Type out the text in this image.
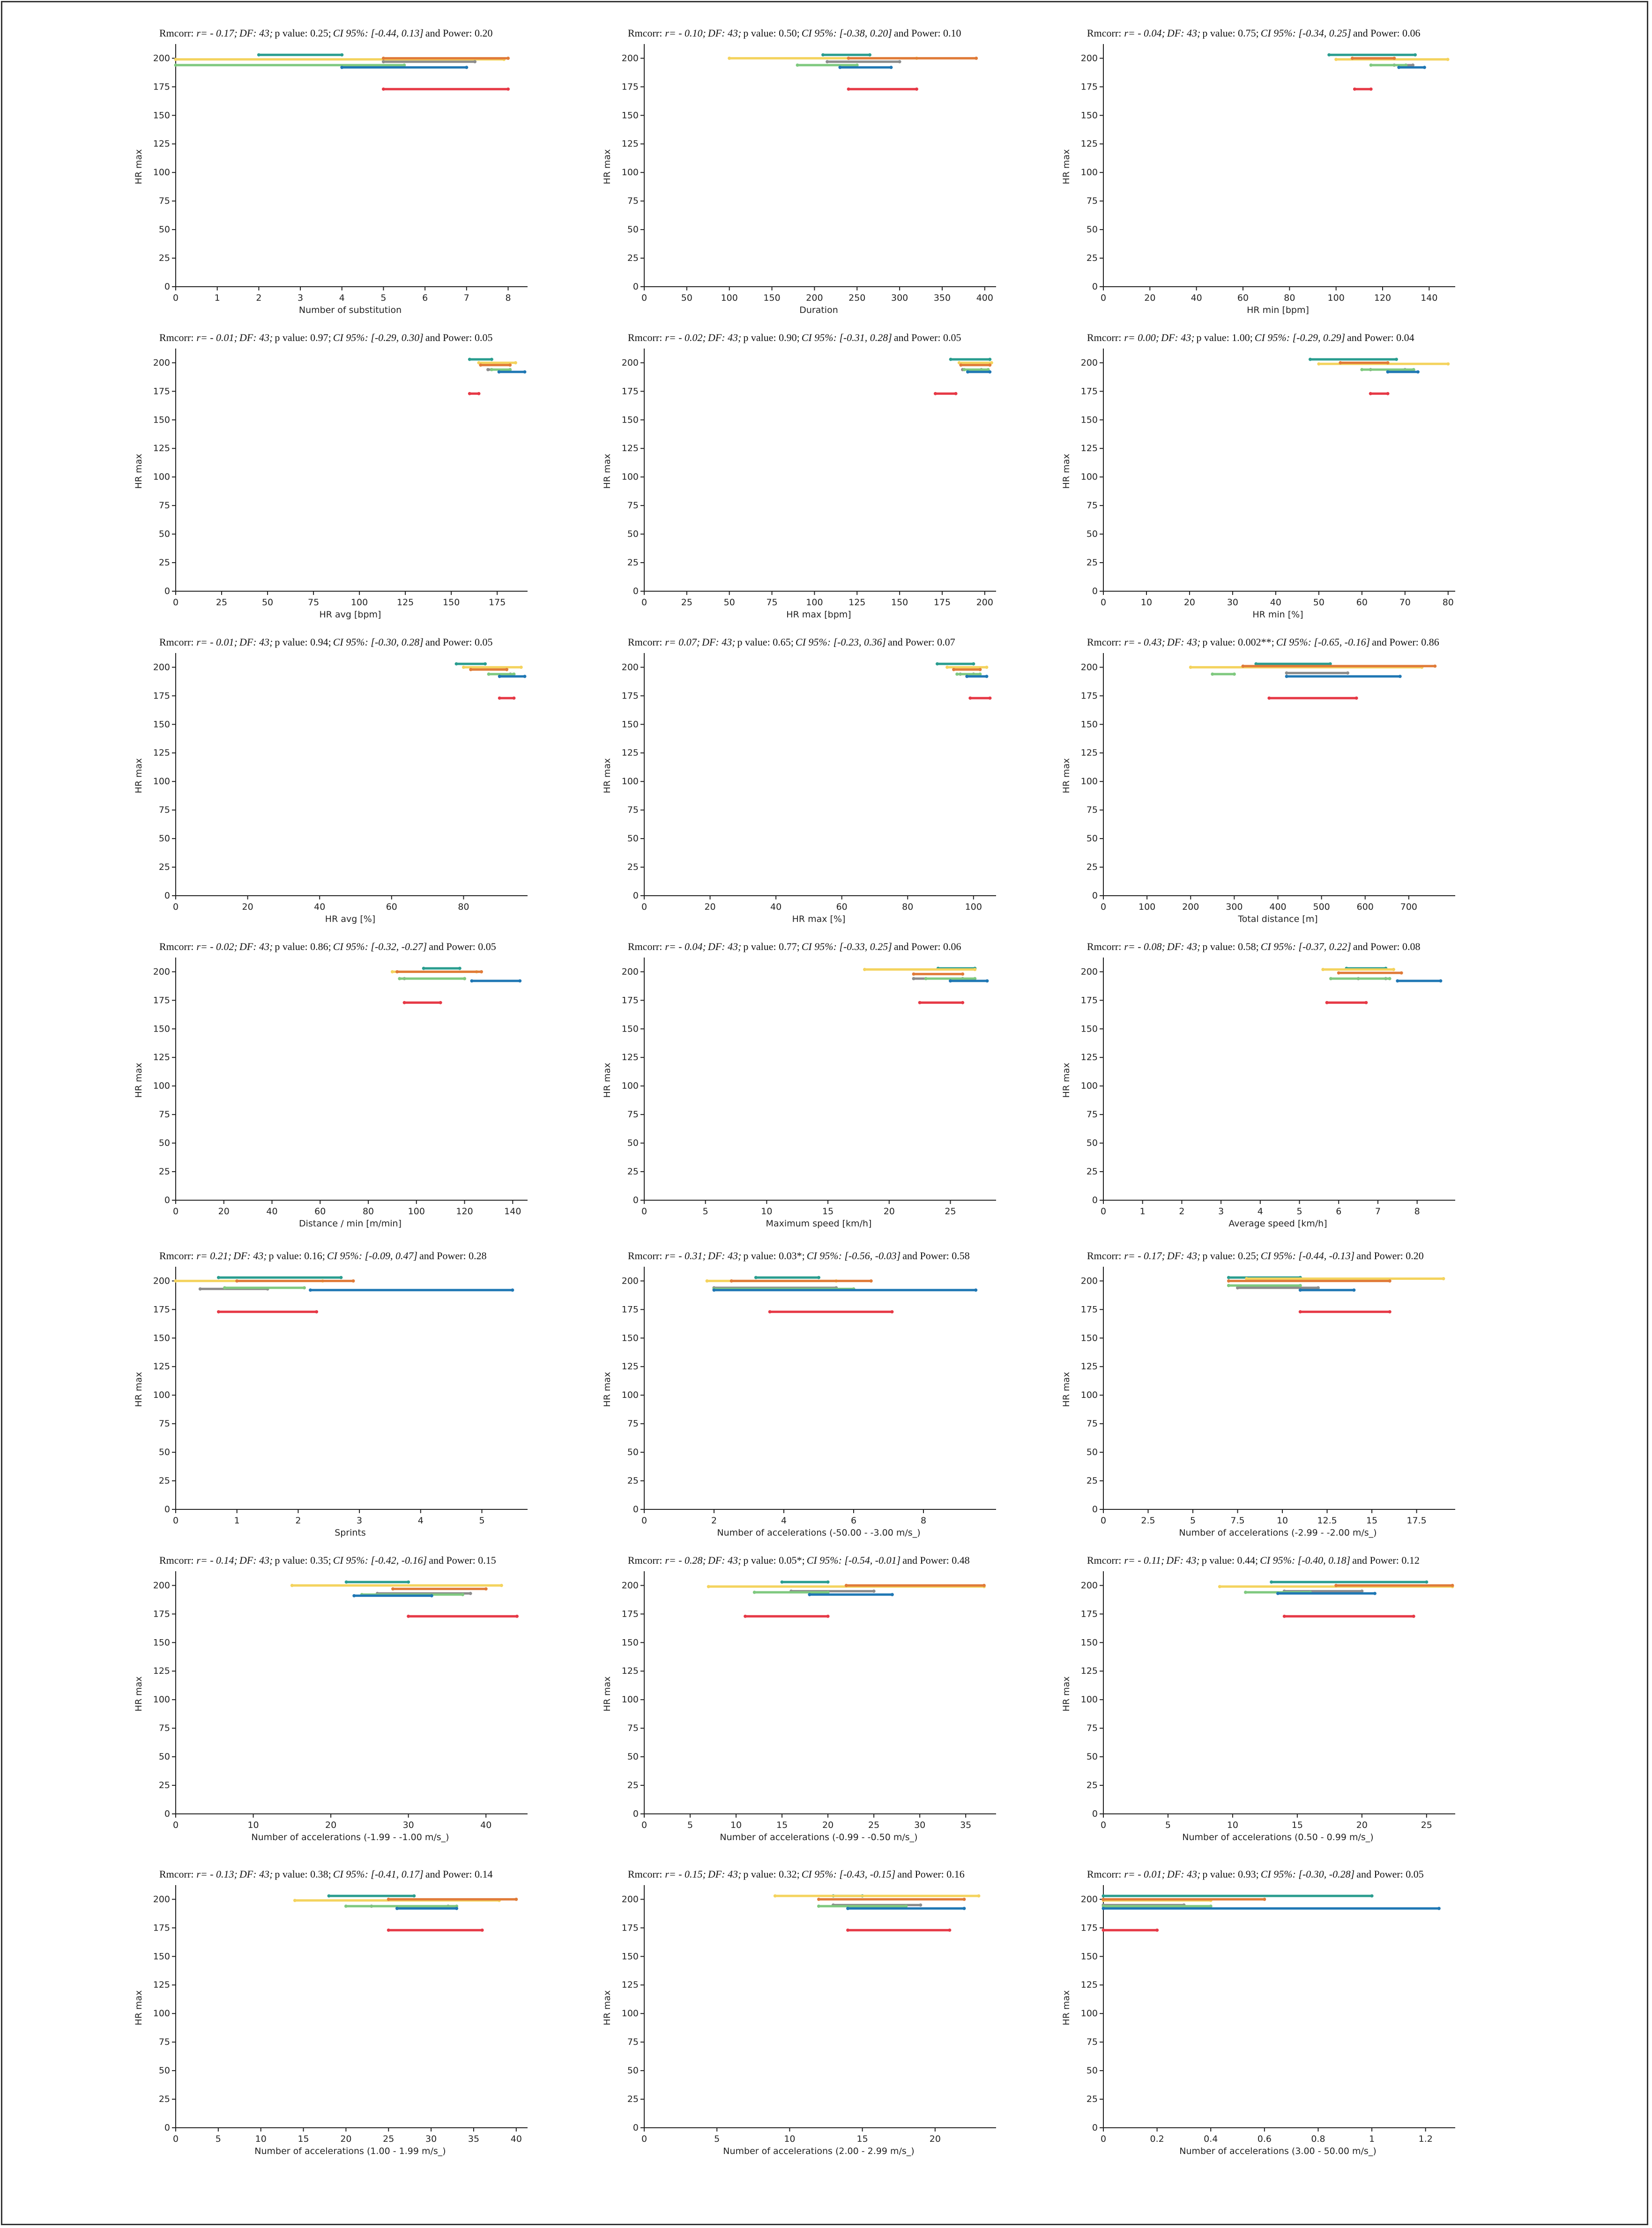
Rmcorr: r= - 0.17; DF: 43; p value: 0.25; CI 95%: [-0.44, 0.13] and Power: 0.20
0
25
50
75
100
125
150
175
200
0	1	2	3	4	5	6	7	8
Number of substitution
HR max
Rmcorr: r= - 0.10; DF: 43; p value: 0.50; CI 95%: [-0.38, 0.20] and Power: 0.10
0
25
50
75
100
125
150
175
200
0	50	100	150	200	250	300	350	400
Duration
HR max
Rmcorr: r= - 0.04; DF: 43; p value: 0.75; CI 95%: [-0.34, 0.25] and Power: 0.06
0
25
50
75
100
125
150
175
200
0	20	40	60	80	100	120	140
HR min [bpm]
HR max
Rmcorr: r= - 0.01; DF: 43; p value: 0.97; CI 95%: [-0.29, 0.30] and Power: 0.05
0
25
50
75
100
125
150
175
200
0	25	50	75	100	125	150	175
HR avg [bpm]
HR max
Rmcorr: r= - 0.02; DF: 43; p value: 0.90; CI 95%: [-0.31, 0.28] and Power: 0.05
0
25
50
75
100
125
150
175
200
0	25	50	75	100	125	150	175	200
HR max [bpm]
HR max
Rmcorr: r= 0.00; DF: 43; p value: 1.00; CI 95%: [-0.29, 0.29] and Power: 0.04
0
25
50
75
100
125
150
175
200
0	10	20	30	40	50	60	70	80
HR min [%]
HR max
Rmcorr: r= - 0.01; DF: 43; p value: 0.94; CI 95%: [-0.30, 0.28] and Power: 0.05
0
25
50
75
100
125
150
175
200
0	20	40	60	80
HR avg [%]
HR max
Rmcorr: r= 0.07; DF: 43; p value: 0.65; CI 95%: [-0.23, 0.36] and Power: 0.07
0
25
50
75
100
125
150
175
200
0	20	40	60	80	100
HR max [%]
HR max
Rmcorr: r= - 0.43; DF: 43; p value: 0.002**; CI 95%: [-0.65, -0.16] and Power: 0.86
0
25
50
75
100
125
150
175
200
0	100	200	300	400	500	600	700
Total distance [m]
HR max
Rmcorr: r= - 0.02; DF: 43; p value: 0.86; CI 95%: [-0.32, -0.27] and Power: 0.05
0
25
50
75
100
125
150
175
200
0	20	40	60	80	100	120	140
Distance / min [m/min]
HR max
Rmcorr: r= - 0.04; DF: 43; p value: 0.77; CI 95%: [-0.33, 0.25] and Power: 0.06
0
25
50
75
100
125
150
175
200
0	5	10	15	20	25
Maximum speed [km/h]
HR max
Rmcorr: r= - 0.08; DF: 43; p value: 0.58; CI 95%: [-0.37, 0.22] and Power: 0.08
0
25
50
75
100
125
150
175
200
0	1	2	3	4	5	6	7	8
Average speed [km/h]
HR max
Rmcorr: r= 0.21; DF: 43; p value: 0.16; CI 95%: [-0.09, 0.47] and Power: 0.28
0
25
50
75
100
125
150
175
200
0	1	2	3	4	5
Sprints
HR max
Rmcorr: r= - 0.31; DF: 43; p value: 0.03*; CI 95%: [-0.56, -0.03] and Power: 0.58
0
25
50
75
100
125
150
175
200
0	2	4	6	8
Number of accelerations (-50.00 - -3.00 m/s_)
HR max
Rmcorr: r= - 0.17; DF: 43; p value: 0.25; CI 95%: [-0.44, -0.13] and Power: 0.20
0
25
50
75
100
125
150
175
200
0	2.5	5	7.5	10	12.5	15	17.5
Number of accelerations (-2.99 - -2.00 m/s_)
HR max
Rmcorr: r= - 0.14; DF: 43; p value: 0.35; CI 95%: [-0.42, -0.16] and Power: 0.15
0
25
50
75
100
125
150
175
200
0	10	20	30	40
Number of accelerations (-1.99 - -1.00 m/s_)
HR max
Rmcorr: r= - 0.28; DF: 43; p value: 0.05*; CI 95%: [-0.54, -0.01] and Power: 0.48
0
25
50
75
100
125
150
175
200
0	5	10	15	20	25	30	35
Number of accelerations (-0.99 - -0.50 m/s_)
HR max
Rmcorr: r= - 0.11; DF: 43; p value: 0.44; CI 95%: [-0.40, 0.18] and Power: 0.12
0
25
50
75
100
125
150
175
200
0	5	10	15	20	25
Number of accelerations (0.50 - 0.99 m/s_)
HR max
Rmcorr: r= - 0.13; DF: 43; p value: 0.38; CI 95%: [-0.41, 0.17] and Power: 0.14
0
25
50
75
100
125
150
175
200
0	5	10	15	20	25	30	35	40
Number of accelerations (1.00 - 1.99 m/s_)
HR max
Rmcorr: r= - 0.15; DF: 43; p value: 0.32; CI 95%: [-0.43, -0.15] and Power: 0.16
0
25
50
75
100
125
150
175
200
0	5	10	15	20
Number of accelerations (2.00 - 2.99 m/s_)
HR max
Rmcorr: r= - 0.01; DF: 43; p value: 0.93; CI 95%: [-0.30, -0.28] and Power: 0.05
0
25
50
75
100
125
150
175
200
0	0.2	0.4	0.6	0.8	1	1.2
Number of accelerations (3.00 - 50.00 m/s_)
HR max
